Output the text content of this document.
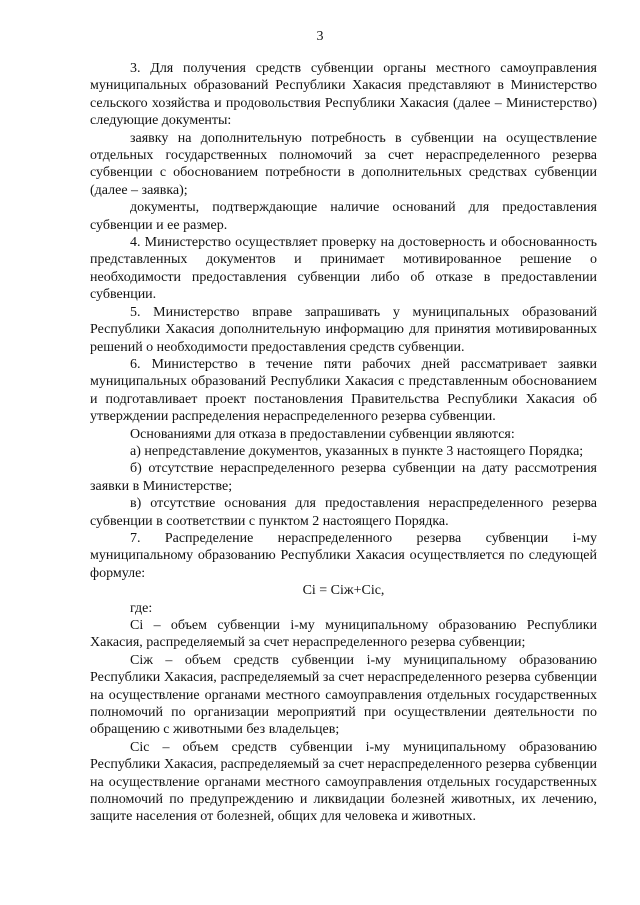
3

3. Для получения средств субвенции органы местного самоуправления муниципальных образований Республики Хакасия представляют в Министерство сельского хозяйства и продовольствия Республики Хакасия (далее – Министерство) следующие документы:

заявку на дополнительную потребность в субвенции на осуществление отдельных государственных полномочий за счет нераспределенного резерва субвенции с обоснованием потребности в дополнительных средствах субвенции (далее – заявка);

документы, подтверждающие наличие оснований для предоставления субвенции и ее размер.

4. Министерство осуществляет проверку на достоверность и обоснованность представленных документов и принимает мотивированное решение о необходимости предоставления субвенции либо об отказе в предоставлении субвенции.

5. Министерство вправе запрашивать у муниципальных образований Республики Хакасия дополнительную информацию для принятия мотивированных решений о необходимости предоставления средств субвенции.

6. Министерство в течение пяти рабочих дней рассматривает заявки муниципальных образований Республики Хакасия с представленным обоснованием и подготавливает проект постановления Правительства Республики Хакасия об утверждении распределения нераспределенного резерва субвенции.

Основаниями для отказа в предоставлении субвенции являются:

а) непредставление документов, указанных в пункте 3 настоящего Порядка;

б) отсутствие нераспределенного резерва субвенции на дату рассмотрения заявки в Министерстве;

в) отсутствие основания для предоставления нераспределенного резерва субвенции в соответствии с пунктом 2 настоящего Порядка.

7. Распределение нераспределенного резерва субвенции i-му муниципальному образованию Республики Хакасия осуществляется по следующей формуле:

Ci = Ciж+Ciс,

где:

Ci – объем субвенции i-му муниципальному образованию Республики Хакасия, распределяемый за счет нераспределенного резерва субвенции;

Ciж – объем средств субвенции i-му муниципальному образованию Республики Хакасия, распределяемый за счет нераспределенного резерва субвенции на осуществление органами местного самоуправления отдельных государственных полномочий по организации мероприятий при осуществлении деятельности по обращению с животными без владельцев;

Ciс – объем средств субвенции i-му муниципальному образованию Республики Хакасия, распределяемый за счет нераспределенного резерва субвенции на осуществление органами местного самоуправления отдельных государственных полномочий по предупреждению и ликвидации болезней животных, их лечению, защите населения от болезней, общих для человека и животных.
